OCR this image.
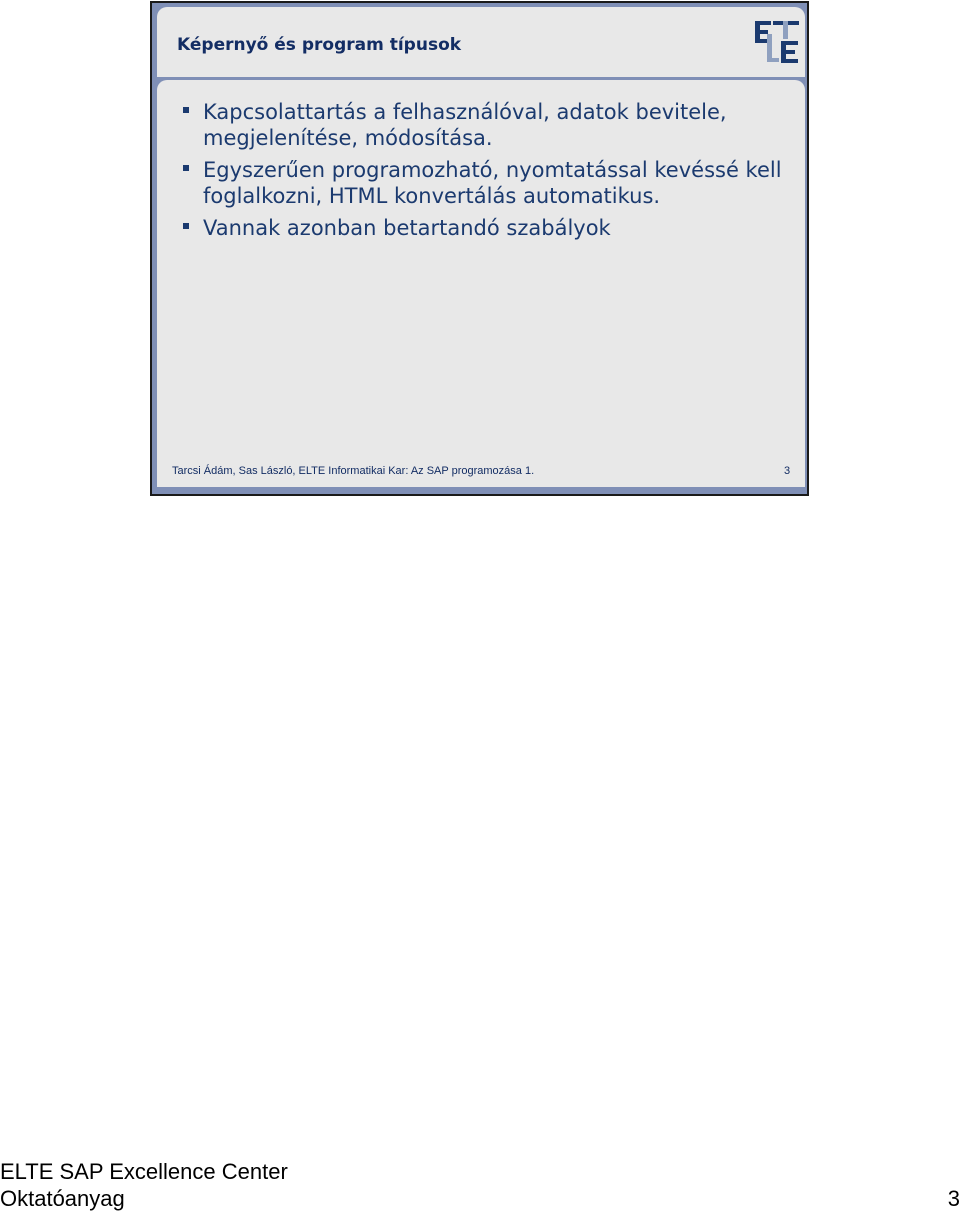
Képernyő és program típusok
Kapcsolattartás a felhasználóval, adatok bevitele, megjelenítése, módosítása.
Egyszerűen programozható, nyomtatással kevéssé kell foglalkozni, HTML konvertálás automatikus.
Vannak azonban betartandó szabályok
Tarcsi Ádám, Sas László, ELTE Informatikai Kar: Az SAP programozása 1.	3
ELTE SAP Excellence Center
Oktatóanyag	3
